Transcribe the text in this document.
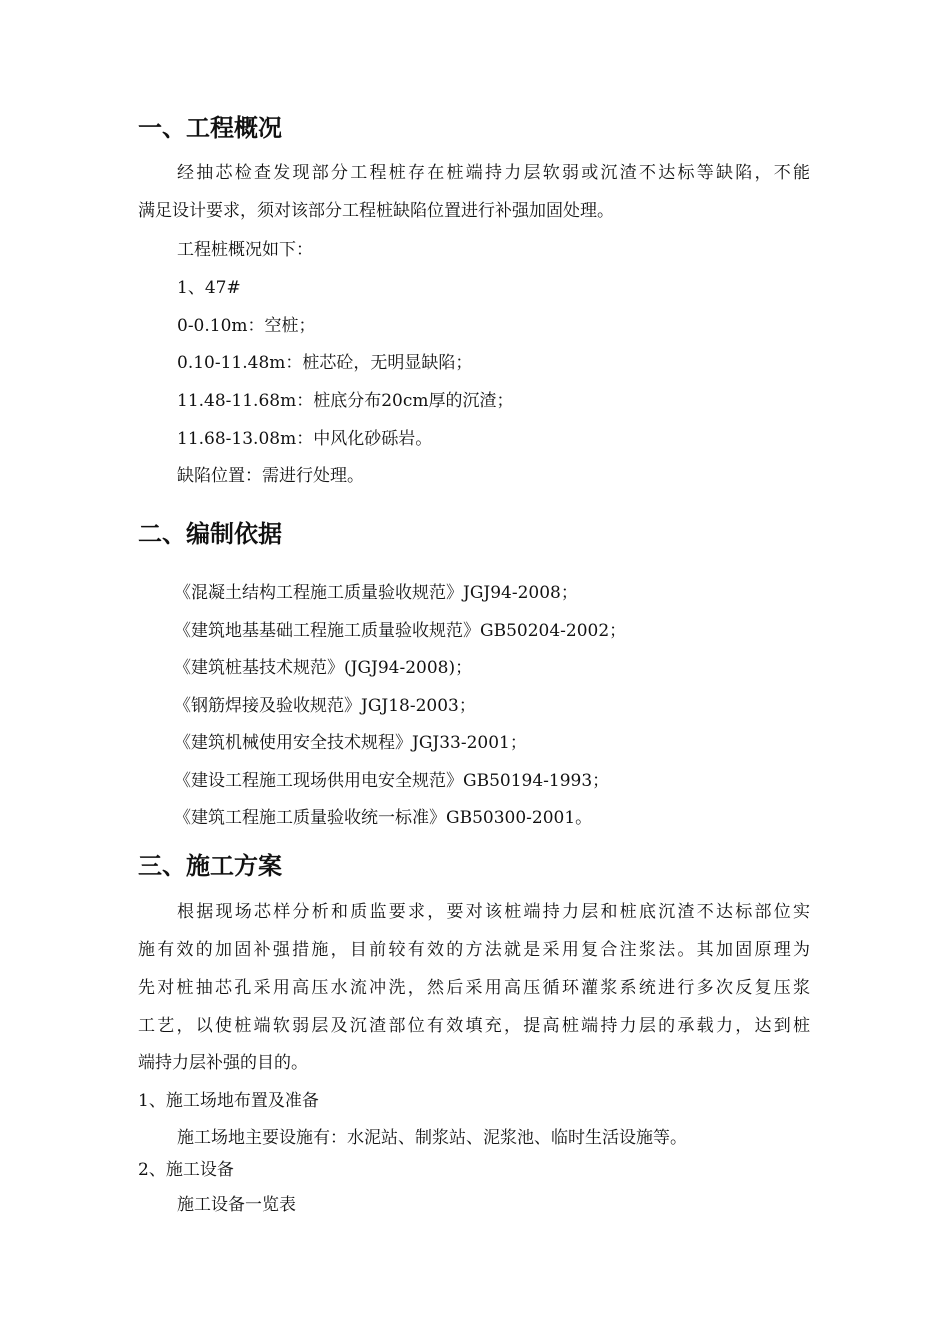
一、工程概况
经抽芯检查发现部分工程桩存在桩端持力层软弱或沉渣不达标等缺陷，不能
满足设计要求，须对该部分工程桩缺陷位置进行补强加固处理。
工程桩概况如下：
1、47#
0-0.10m：空桩；
0.10-11.48m：桩芯砼，无明显缺陷；
11.48-11.68m：桩底分布20cm厚的沉渣；
11.68-13.08m：中风化砂砾岩。
缺陷位置：需进行处理。
二、编制依据
《混凝土结构工程施工质量验收规范》JGJ94-2008；
《建筑地基基础工程施工质量验收规范》GB50204-2002；
《建筑桩基技术规范》(JGJ94-2008)；
《钢筋焊接及验收规范》JGJ18-2003；
《建筑机械使用安全技术规程》JGJ33-2001；
《建设工程施工现场供用电安全规范》GB50194-1993；
《建筑工程施工质量验收统一标准》GB50300-2001。
三、施工方案
根据现场芯样分析和质监要求，要对该桩端持力层和桩底沉渣不达标部位实
施有效的加固补强措施，目前较有效的方法就是采用复合注浆法。其加固原理为
先对桩抽芯孔采用高压水流冲洗，然后采用高压循环灌浆系统进行多次反复压浆
工艺，以使桩端软弱层及沉渣部位有效填充，提高桩端持力层的承载力，达到桩
端持力层补强的目的。
1、施工场地布置及准备
施工场地主要设施有：水泥站、制浆站、泥浆池、临时生活设施等。
2、施工设备
施工设备一览表
